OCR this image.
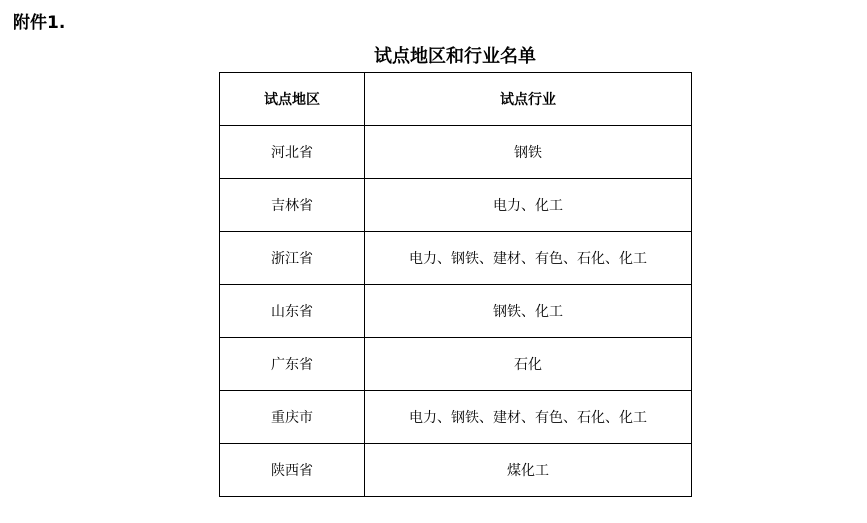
附件1.
试点地区和行业名单
试点地区	试点行业
河北省	钢铁
吉林省	电力、化工
浙江省	电力、钢铁、建材、有色、石化、化工
山东省	钢铁、化工
广东省	石化
重庆市	电力、钢铁、建材、有色、石化、化工
陕西省	煤化工
